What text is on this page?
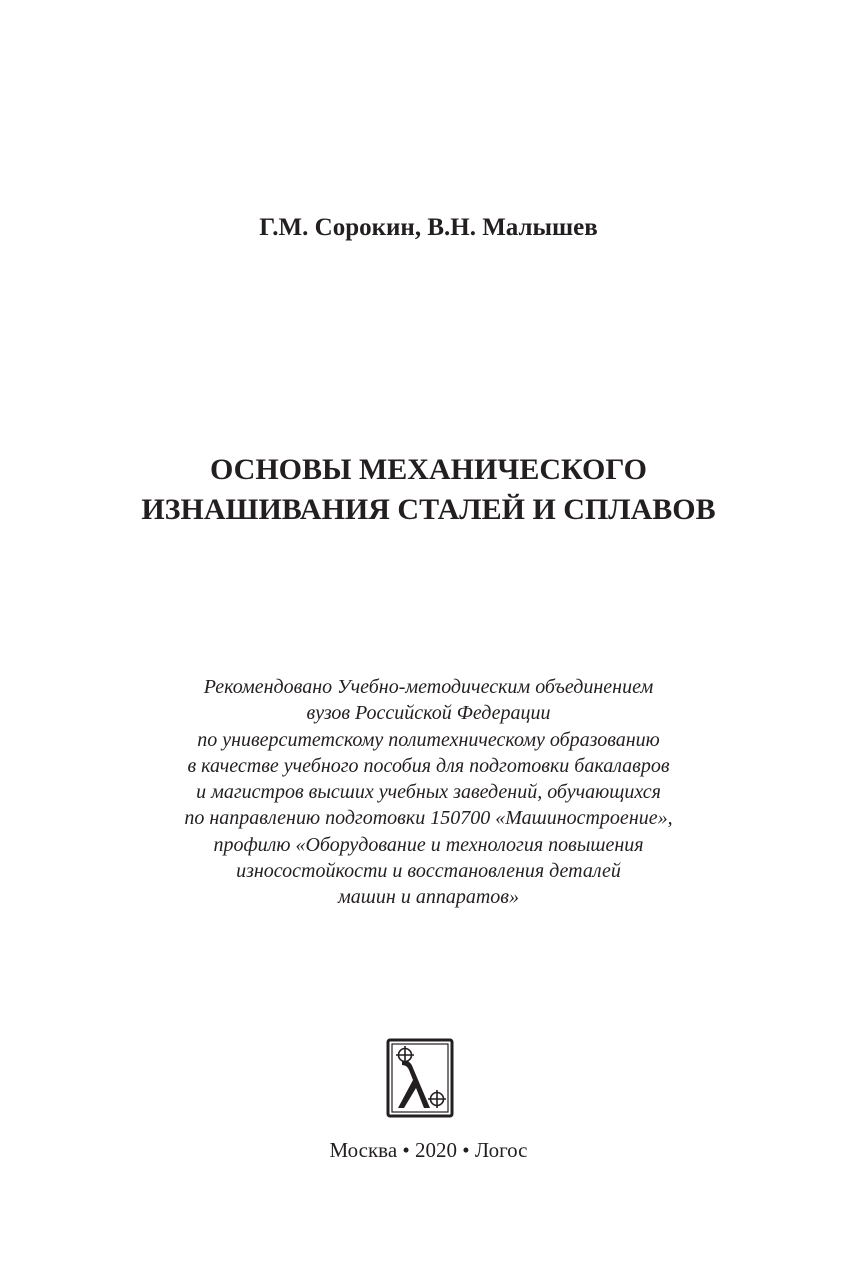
Г.М. Сорокин, В.Н. Малышев
ОСНОВЫ МЕХАНИЧЕСКОГО
ИЗНАШИВАНИЯ СТАЛЕЙ И СПЛАВОВ
Рекомендовано Учебно-методическим объединением
вузов Российской Федерации
по университетскому политехническому образованию
в качестве учебного пособия для подготовки бакалавров
и магистров высших учебных заведений, обучающихся
по направлению подготовки 150700 «Машиностроение»,
профилю «Оборудование и технология повышения
износостойкости и восстановления деталей
машин и аппаратов»
Москва • 2020 • Логос
